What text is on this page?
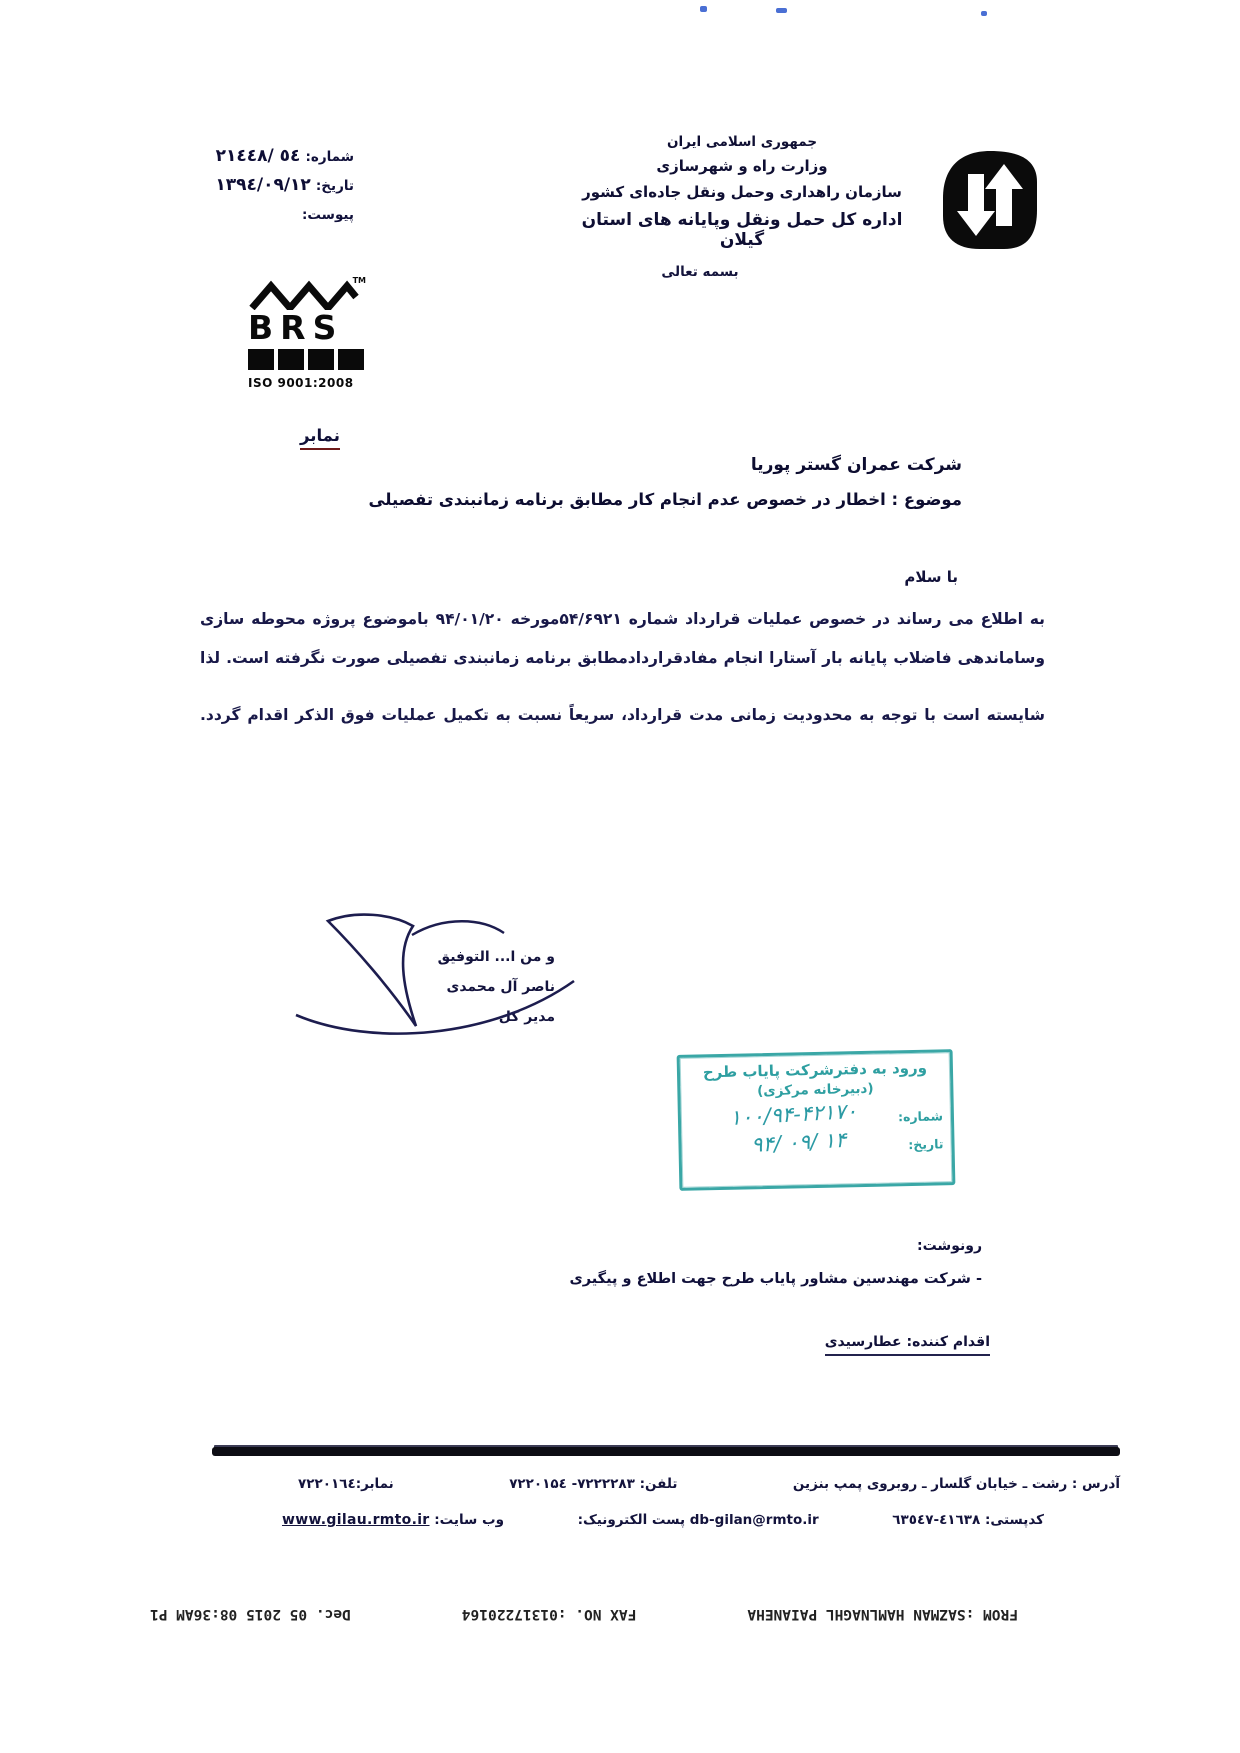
شماره: ٥٤ /٢١٤٤٨
تاریخ: ١٣٩٤/٠٩/١٢
پیوست:
جمهوری اسلامی ایران
وزارت راه و شهرسازی
سازمان راهداری وحمل ونقل جاده‌ای کشور
اداره کل حمل ونقل وپایانه های استان گیلان
بسمه تعالی
TM
BRS
ISO 9001:2008
نمابر
شرکت عمران گستر پوریا
موضوع : اخطار در خصوص عدم انجام کار مطابق برنامه زمانبندی تفصیلی
با سلام
به اطلاع می رساند در خصوص عملیات قرارداد شماره ۵۴/۶۹۲۱مورخه ۹۴/۰۱/۲۰ باموضوع پروژه محوطه سازی
وساماندهی فاضلاب پایانه بار آستارا انجام مفادقراردادمطابق برنامه زمانبندی تفصیلی صورت نگرفته است. لذا
شایسته است با توجه به محدودیت زمانی مدت قرارداد، سریعاً نسبت به تکمیل عملیات فوق الذکر اقدام گردد.
و من ا... التوفیق
ناصر آل محمدی
مدیر کل
ورود به دفترشرکت پایاب طرح
(دبیرخانه مرکزی)
شماره:
۱۰۰/۹۴-۴۲۱۷۰
تاریخ:
۹۴/ ۰۹/ ۱۴
رونوشت:
- شرکت مهندسین مشاور پایاب طرح جهت اطلاع و پیگیری
اقدام کننده: عطارسیدی
آدرس : رشت ـ خیابان گلسار ـ روبروی پمپ بنزین
تلفن: ۷۲۲۲۲۸۳- ۷۲۲۰۱۵٤
نمابر:۷۲۲۰۱٦٤
کدپستی: ٤١٦٣٨-٦٣٥٤٧
db-gilan@rmto.ir پست الکترونیک:
وب سایت: www.gilau.rmto.ir
FROM :SAZMAN HAMLNAGHL PAIANEHA
FAX NO. :01317220164
Dec. 05 2015 08:36AM P1
